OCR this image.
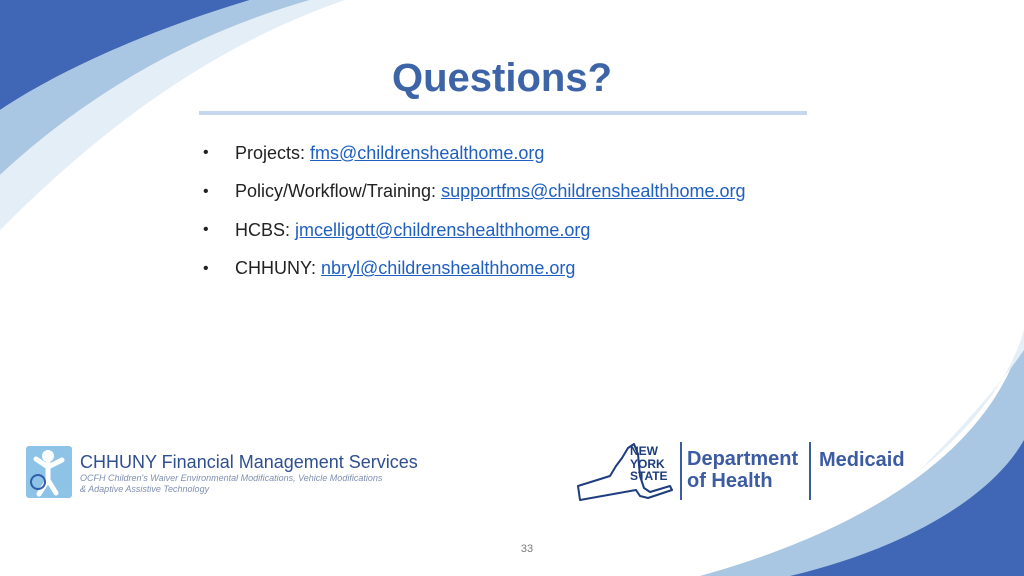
Questions?
•	Projects: fms@childrenshealthome.org
•	Policy/Workflow/Training: supportfms@childrenshealthhome.org
•	HCBS: jmcelligott@childrenshealthhome.org
•	CHHUNY: nbryl@childrenshealthhome.org
CHHUNY Financial Management Services
OCFH Children's Waiver Environmental Modifications, Vehicle Modifications
& Adaptive Assistive Technology
NEW
YORK
STATE
Department
of Health
Medicaid
33
